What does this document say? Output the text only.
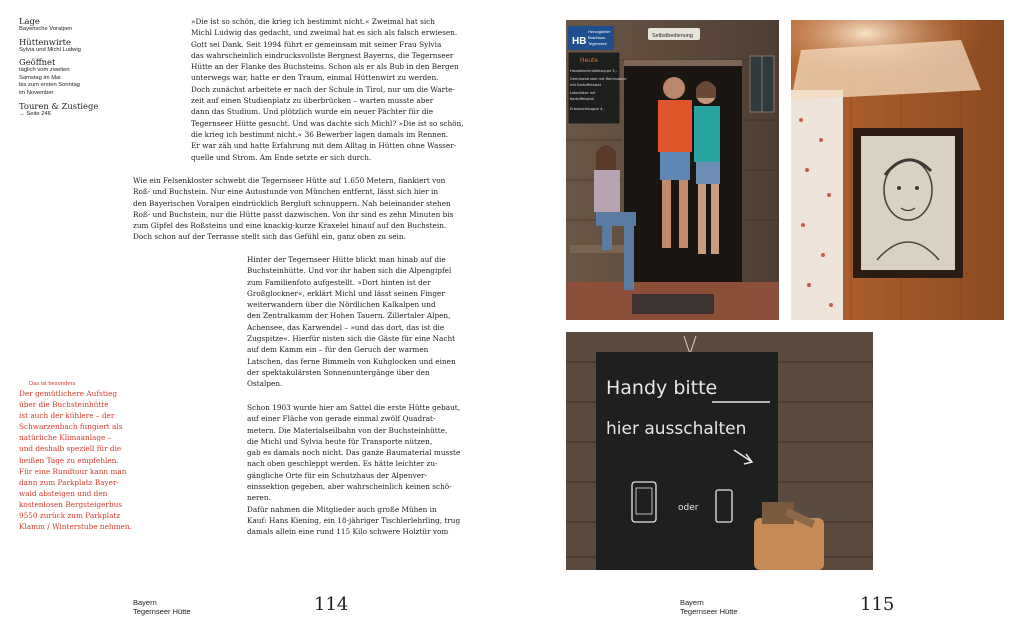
Lage
Bayerische Voralpen
Hüttenwirte
Sylvia und Michl Ludwig
Geöffnet
täglich vom zweiten
Samstag im Mai
bis zum ersten Sonntag
im November
Touren & Zustiege
→ Seite 246
»Die ist so schön, die krieg ich bestimmt nicht.« Zweimal hat sich
Michl Ludwig das gedacht, und zweimal hat es sich als falsch erwiesen.
Gott sei Dank. Seit 1994 führt er gemeinsam mit seiner Frau Sylvia
das wahrscheinlich eindrucksvollste Bergnest Bayerns, die Tegernseer
Hütte an der Flanke des Buchsteins. Schon als er als Bub in den Bergen
unterwegs war, hatte er den Traum, einmal Hüttenwirt zu werden.
Doch zunächst arbeitete er nach der Schule in Tirol, nur um die Warte-
zeit auf einen Studienplatz zu überbrücken – warten musste aber
dann das Studium. Und plötzlich wurde ein neuer Pächter für die
Tegernseer Hütte gesucht. Und was dachte sich Michl? »Die ist so schön,
die krieg ich bestimmt nicht.« 36 Bewerber lagen damals im Rennen.
Er war zäh und hatte Erfahrung mit dem Alltag in Hütten ohne Wasser-
quelle und Strom. Am Ende setzte er sich durch.
Wie ein Felsenkloster schwebt die Tegernseer Hütte auf 1.650 Metern, flankiert von
Roß- und Buchstein. Nur eine Autostunde von München entfernt, lässt sich hier in
den Bayerischen Voralpen eindrücklich Bergluft schnuppern. Nah beieinander stehen
Roß- und Buchstein, nur die Hütte passt dazwischen. Von ihr sind es zehn Minuten bis
zum Gipfel des Roßsteins und eine knackig-kurze Kraxelei hinauf auf den Buchstein.
Doch schon auf der Terrasse stellt sich das Gefühl ein, ganz oben zu sein.
Hinter der Tegernseer Hütte blickt man hinab auf die
Buchsteinhütte. Und vor ihr haben sich die Alpengipfel
zum Familienfoto aufgestellt. »Dort hinten ist der
Großglockner«, erklärt Michl und lässt seinen Finger
weiterwandern über die Nördlichen Kalkalpen und
den Zentralkamm der Hohen Tauern. Zillertaler Alpen,
Achensee, das Karwendel – »und das dort, das ist die
Zugspitze«. Hierfür nisten sich die Gäste für eine Nacht
auf dem Kamm ein – für den Geruch der warmen
Latschen, das ferne Bimmeln von Kuhglocken und einen
der spektakulärsten Sonnenuntergänge über den
Ostalpen.
Schon 1903 wurde hier am Sattel die erste Hütte gebaut,
auf einer Fläche von gerade einmal zwölf Quadrat-
metern. Die Materialseilbahn von der Buchsteinhütte,
die Michl und Sylvia heute für Transporte nützen,
gab es damals noch nicht. Das ganze Baumaterial musste
nach oben geschleppt werden. Es hätte leichter zu-
gängliche Orte für ein Schutzhaus der Alpenver-
einssektion gegeben, aber wahrscheinlich keinen schö-
neren.
Dafür nahmen die Mitglieder auch große Mühen in
Kauf: Hans Kiening, ein 18-jähriger Tischlerlehrling, trug
damals allein eine rund 115 Kilo schwere Holztür vom
Das ist besonders
Der gemütlichere Aufstieg
über die Buchsteinhütte
ist auch der kühlere – der
Schwarzenbach fungiert als
natürliche Klimaanlage –
und deshalb speziell für die
heißen Tage zu empfehlen.
Für eine Rundtour kann man
dann zum Parkplatz Bayer-
wald absteigen und den
kostenlosen Bergsteigerbus
9550 zurück zum Parkplatz
Klamm / Winterstube nehmen.
Bayern
Tegernseer Hütte	114
HB
Herzoglicher
Brauhaus
Tegernsee
Selbstbedienung
Heute
Hausleberknödelsuppe 5,-
Gemüsestrudel mit Rahmsauce
mit Kartoffelsalat
Leberkäse mit
Kartoffelsalat
Erbswurstsuppe 4,-
Handy bitte
hier ausschalten
oder
Bayern
Tegernseer Hütte	115
